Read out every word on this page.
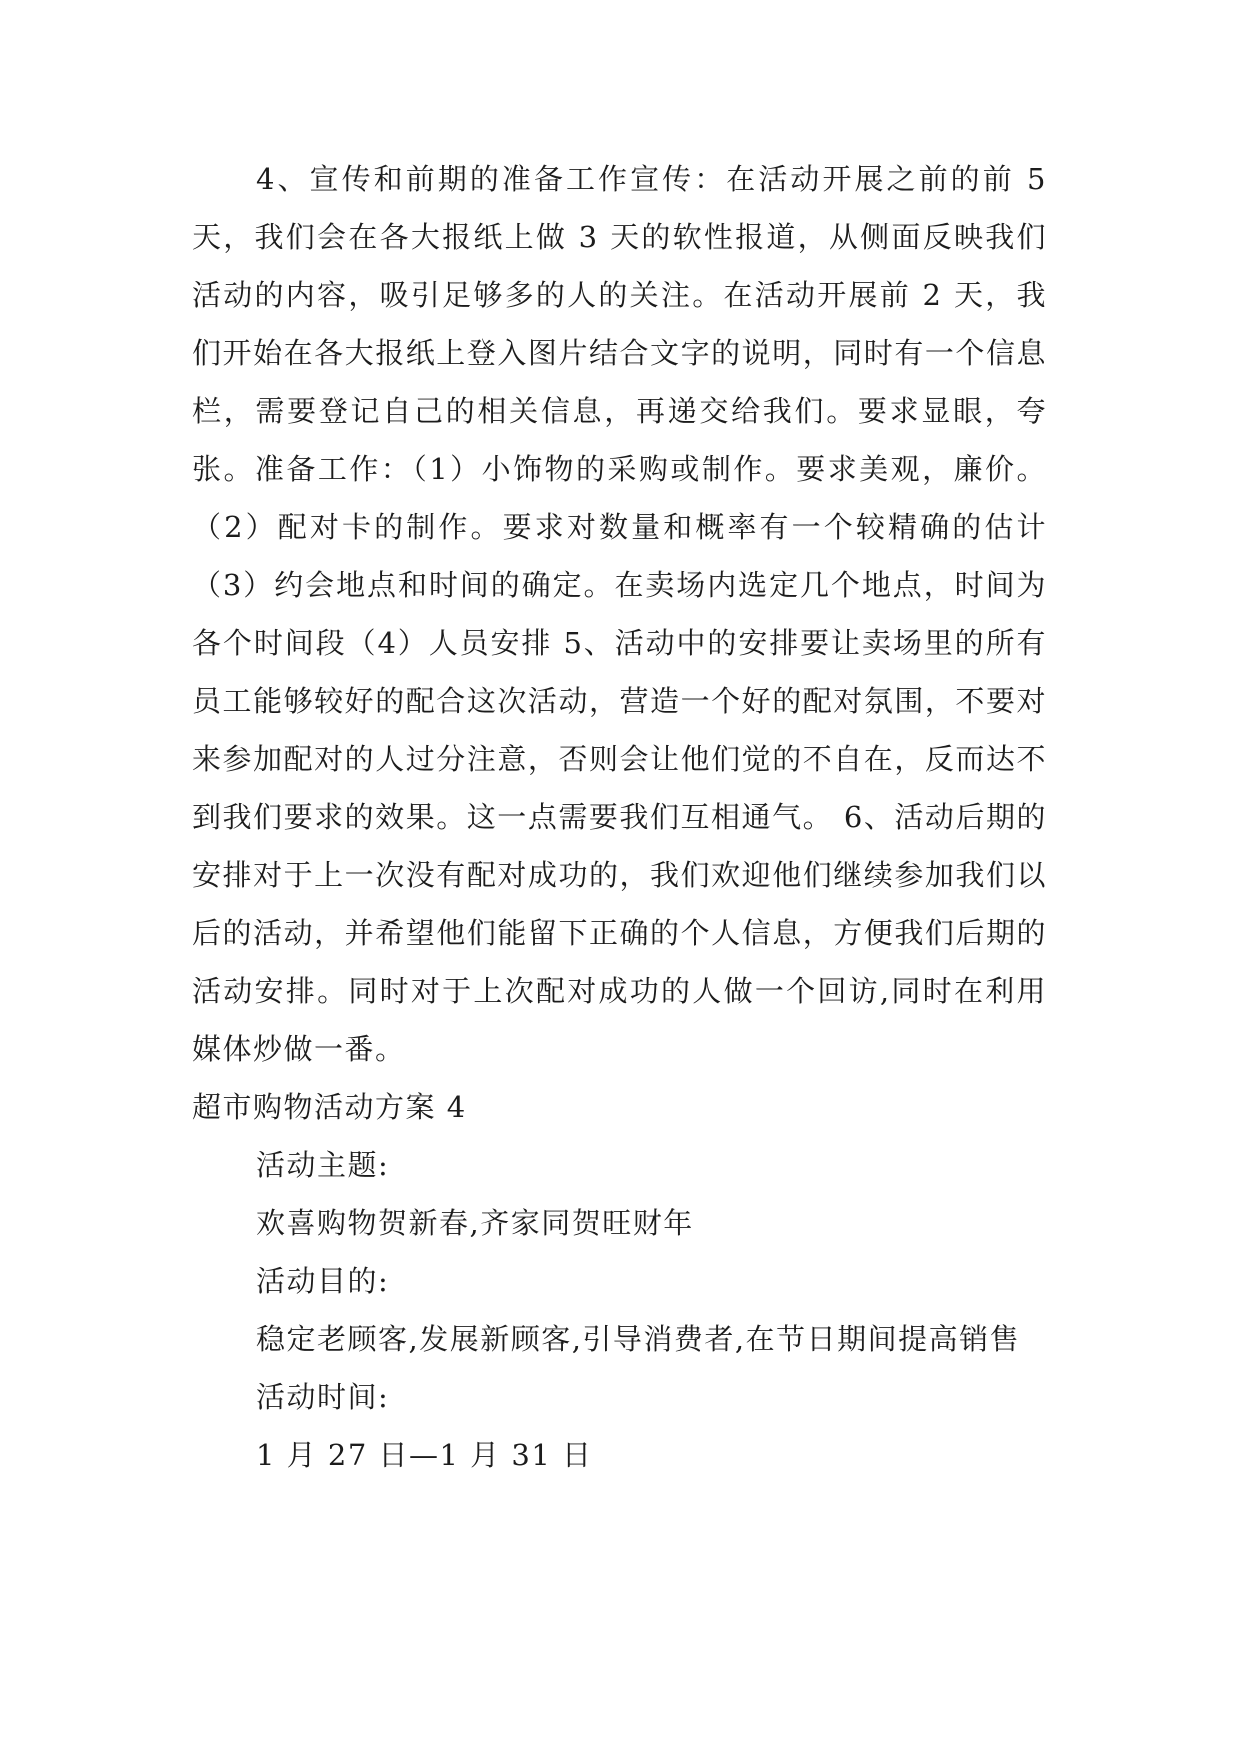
4、宣传和前期的准备工作宣传：在活动开展之前的前 5 天，我们会在各大报纸上做 3 天的软性报道，从侧面反映我们活动的内容，吸引足够多的人的关注。在活动开展前 2 天，我们开始在各大报纸上登入图片结合文字的说明，同时有一个信息栏，需要登记自己的相关信息，再递交给我们。要求显眼，夸张。准备工作：（1）小饰物的采购或制作。要求美观，廉价。（2）配对卡的制作。要求对数量和概率有一个较精确的估计（3）约会地点和时间的确定。在卖场内选定几个地点，时间为各个时间段（4）人员安排 5、活动中的安排要让卖场里的所有员工能够较好的配合这次活动，营造一个好的配对氛围，不要对来参加配对的人过分注意，否则会让他们觉的不自在，反而达不到我们要求的效果。这一点需要我们互相通气。 6、活动后期的安排对于上一次没有配对成功的，我们欢迎他们继续参加我们以后的活动，并希望他们能留下正确的个人信息，方便我们后期的活动安排。同时对于上次配对成功的人做一个回访,同时在利用媒体炒做一番。

超市购物活动方案 4

活动主题:

欢喜购物贺新春,齐家同贺旺财年

活动目的:

稳定老顾客,发展新顾客,引导消费者,在节日期间提高销售

活动时间:

1 月 27 日—1 月 31 日
